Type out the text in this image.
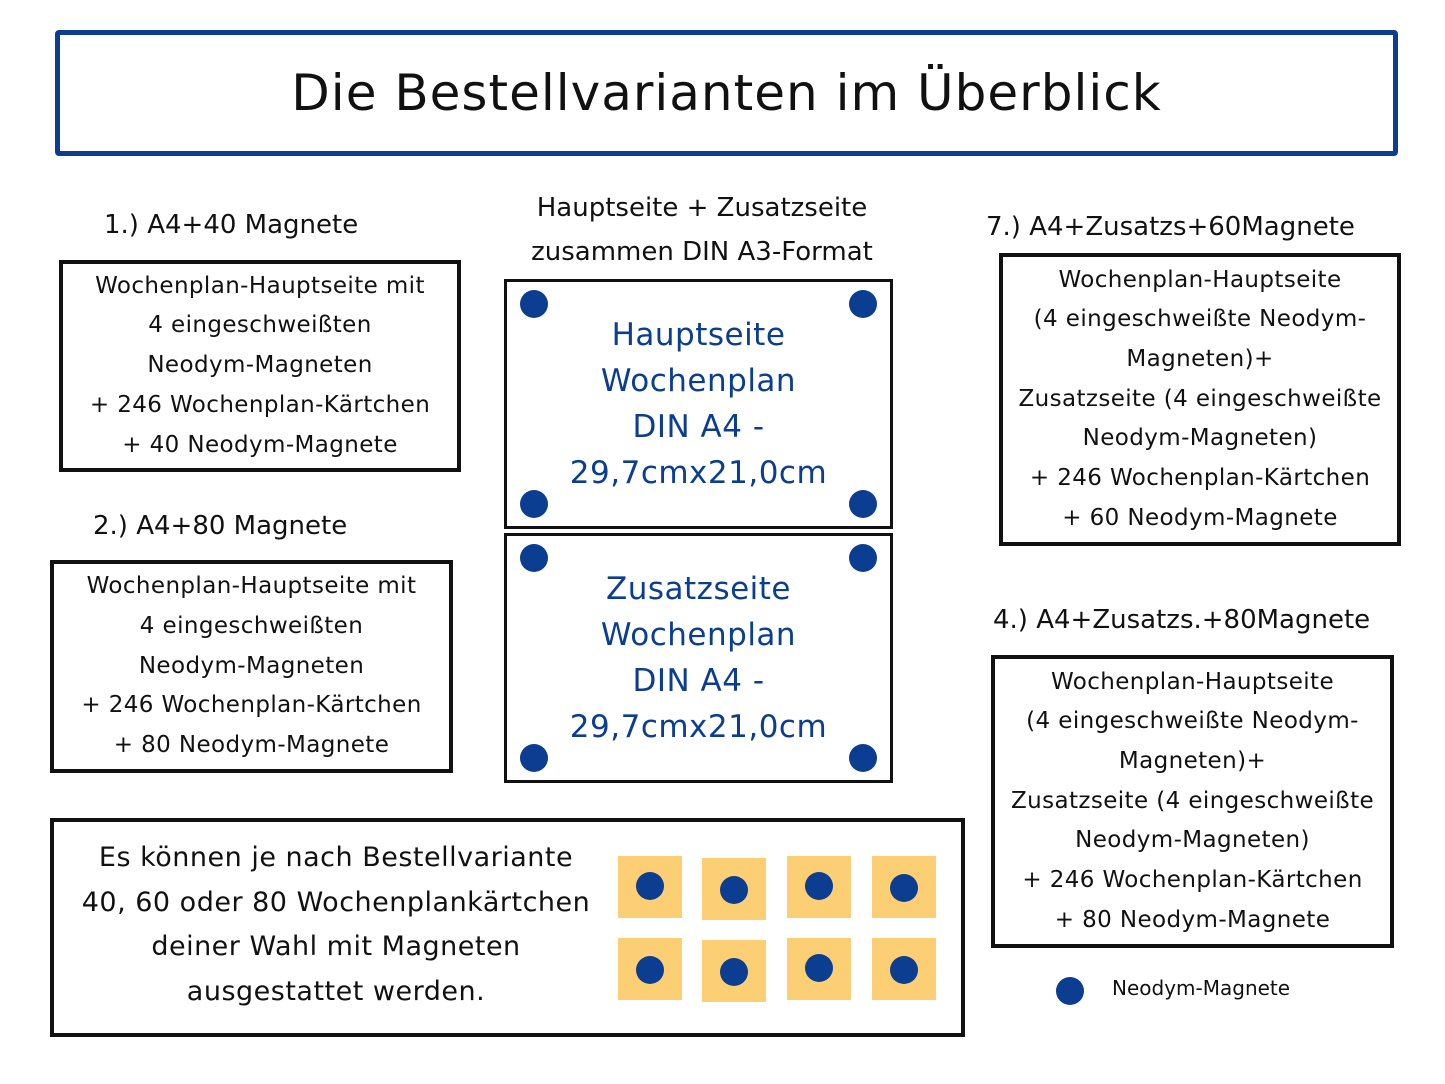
Die Bestellvarianten im Überblick
1.) A4+40 Magnete
Wochenplan-Hauptseite mit
4 eingeschweißten
Neodym-Magneten
+ 246 Wochenplan-Kärtchen
+ 40 Neodym-Magnete
2.) A4+80 Magnete
Wochenplan-Hauptseite mit
4 eingeschweißten
Neodym-Magneten
+ 246 Wochenplan-Kärtchen
+ 80 Neodym-Magnete
Hauptseite + Zusatzseite
zusammen DIN A3-Format
Hauptseite
Wochenplan
DIN A4 -
29,7cmx21,0cm
Zusatzseite
Wochenplan
DIN A4 -
29,7cmx21,0cm
7.) A4+Zusatzs+60Magnete
Wochenplan-Hauptseite
(4 eingeschweißte Neodym-
Magneten)+
Zusatzseite (4 eingeschweißte
Neodym-Magneten)
+ 246 Wochenplan-Kärtchen
+ 60 Neodym-Magnete
4.) A4+Zusatzs.+80Magnete
Wochenplan-Hauptseite
(4 eingeschweißte Neodym-
Magneten)+
Zusatzseite (4 eingeschweißte
Neodym-Magneten)
+ 246 Wochenplan-Kärtchen
+ 80 Neodym-Magnete
Es können je nach Bestellvariante
40, 60 oder 80 Wochenplankärtchen
deiner Wahl mit Magneten
ausgestattet werden.	Neodym-Magnete
